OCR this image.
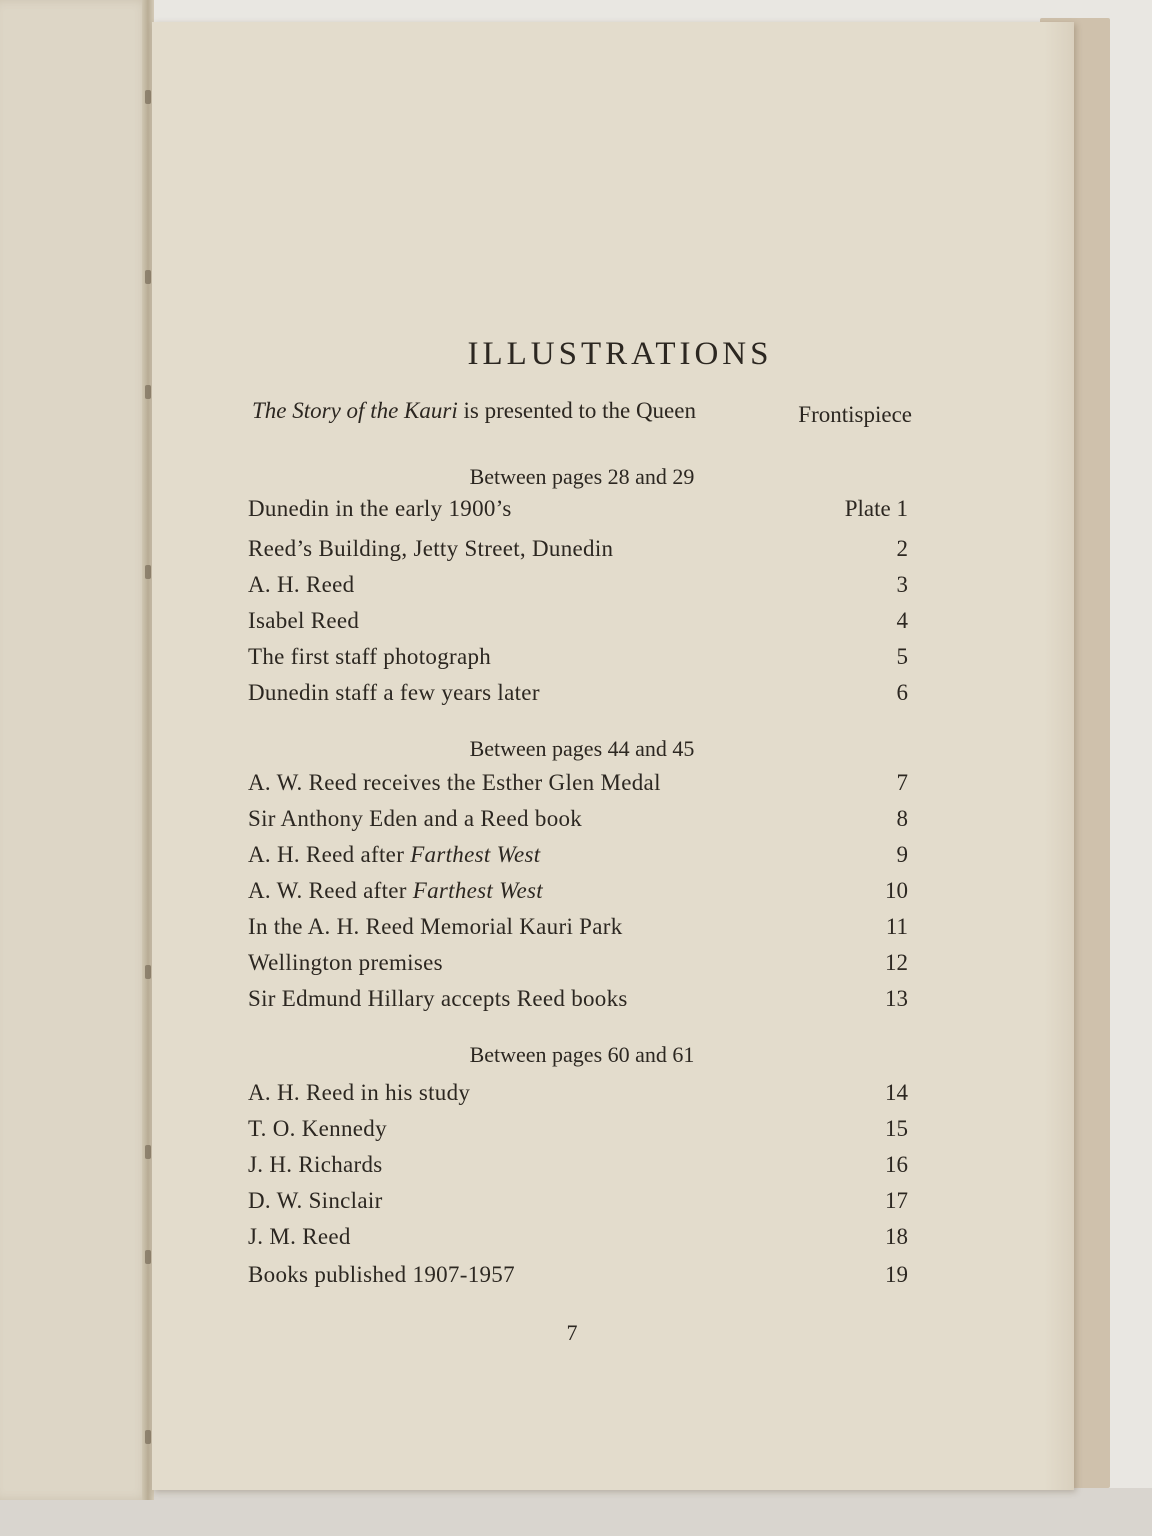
ILLUSTRATIONS
The Story of the Kauri is presented to the Queen	Frontispiece
Between pages 28 and 29
Dunedin in the early 1900’s	Plate 1
Reed’s Building, Jetty Street, Dunedin	2
A. H. Reed	3
Isabel Reed	4
The first staff photograph	5
Dunedin staff a few years later	6
Between pages 44 and 45
A. W. Reed receives the Esther Glen Medal	7
Sir Anthony Eden and a Reed book	8
A. H. Reed after Farthest West	9
A. W. Reed after Farthest West	10
In the A. H. Reed Memorial Kauri Park	11
Wellington premises	12
Sir Edmund Hillary accepts Reed books	13
Between pages 60 and 61
A. H. Reed in his study	14
T. O. Kennedy	15
J. H. Richards	16
D. W. Sinclair	17
J. M. Reed	18
Books published 1907-1957	19
7
